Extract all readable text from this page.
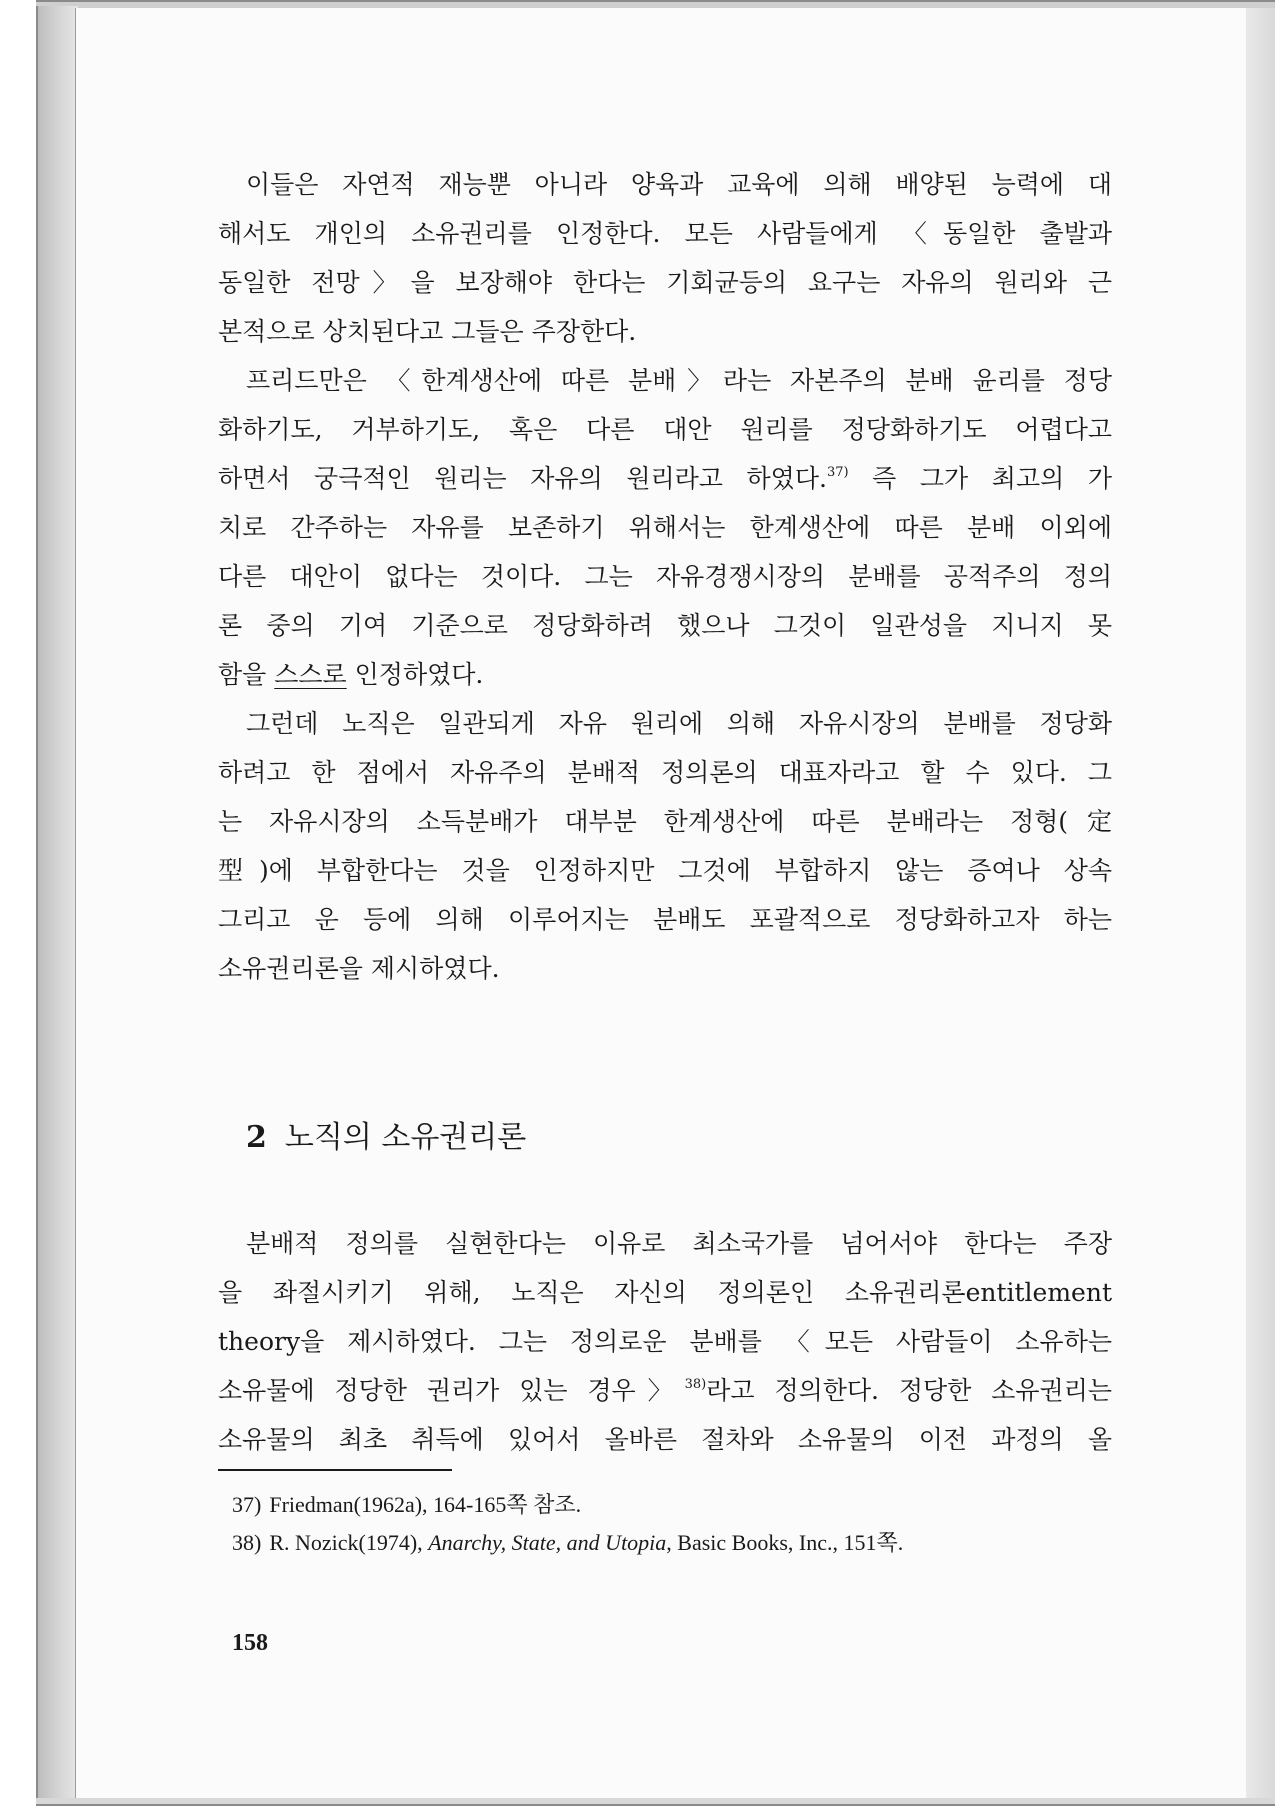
이들은 자연적 재능뿐 아니라 양육과 교육에 의해 배양된 능력에 대
해서도 개인의 소유권리를 인정한다. 모든 사람들에게 〈동일한 출발과
동일한 전망〉을 보장해야 한다는 기회균등의 요구는 자유의 원리와 근
본적으로 상치된다고 그들은 주장한다.
프리드만은 〈한계생산에 따른 분배〉라는 자본주의 분배 윤리를 정당
화하기도, 거부하기도, 혹은 다른 대안 원리를 정당화하기도 어렵다고
하면서 궁극적인 원리는 자유의 원리라고 하였다.$^{37)}$ 즉 그가 최고의 가
치로 간주하는 자유를 보존하기 위해서는 한계생산에 따른 분배 이외에
다른 대안이 없다는 것이다. 그는 자유경쟁시장의 분배를 공적주의 정의
론 중의 기여 기준으로 정당화하려 했으나 그것이 일관성을 지니지 못
함을 스스로 인정하였다.
그런데 노직은 일관되게 자유 원리에 의해 자유시장의 분배를 정당화
하려고 한 점에서 자유주의 분배적 정의론의 대표자라고 할 수 있다. 그
는 자유시장의 소득분배가 대부분 한계생산에 따른 분배라는 정형(定
型)에 부합한다는 것을 인정하지만 그것에 부합하지 않는 증여나 상속
그리고 운 등에 의해 이루어지는 분배도 포괄적으로 정당화하고자 하는
소유권리론을 제시하였다.
2 노직의 소유권리론
분배적 정의를 실현한다는 이유로 최소국가를 넘어서야 한다는 주장
을 좌절시키기 위해, 노직은 자신의 정의론인 소유권리론entitlement
theory을 제시하였다. 그는 정의로운 분배를 〈모든 사람들이 소유하는
소유물에 정당한 권리가 있는 경우〉$^{38)}$라고 정의한다. 정당한 소유권리는
소유물의 최초 취득에 있어서 올바른 절차와 소유물의 이전 과정의 올
37) Friedman(1962a), 164-165쪽 참조.
38) R. Nozick(1974), Anarchy, State, and Utopia, Basic Books, Inc., 151쪽.
158
